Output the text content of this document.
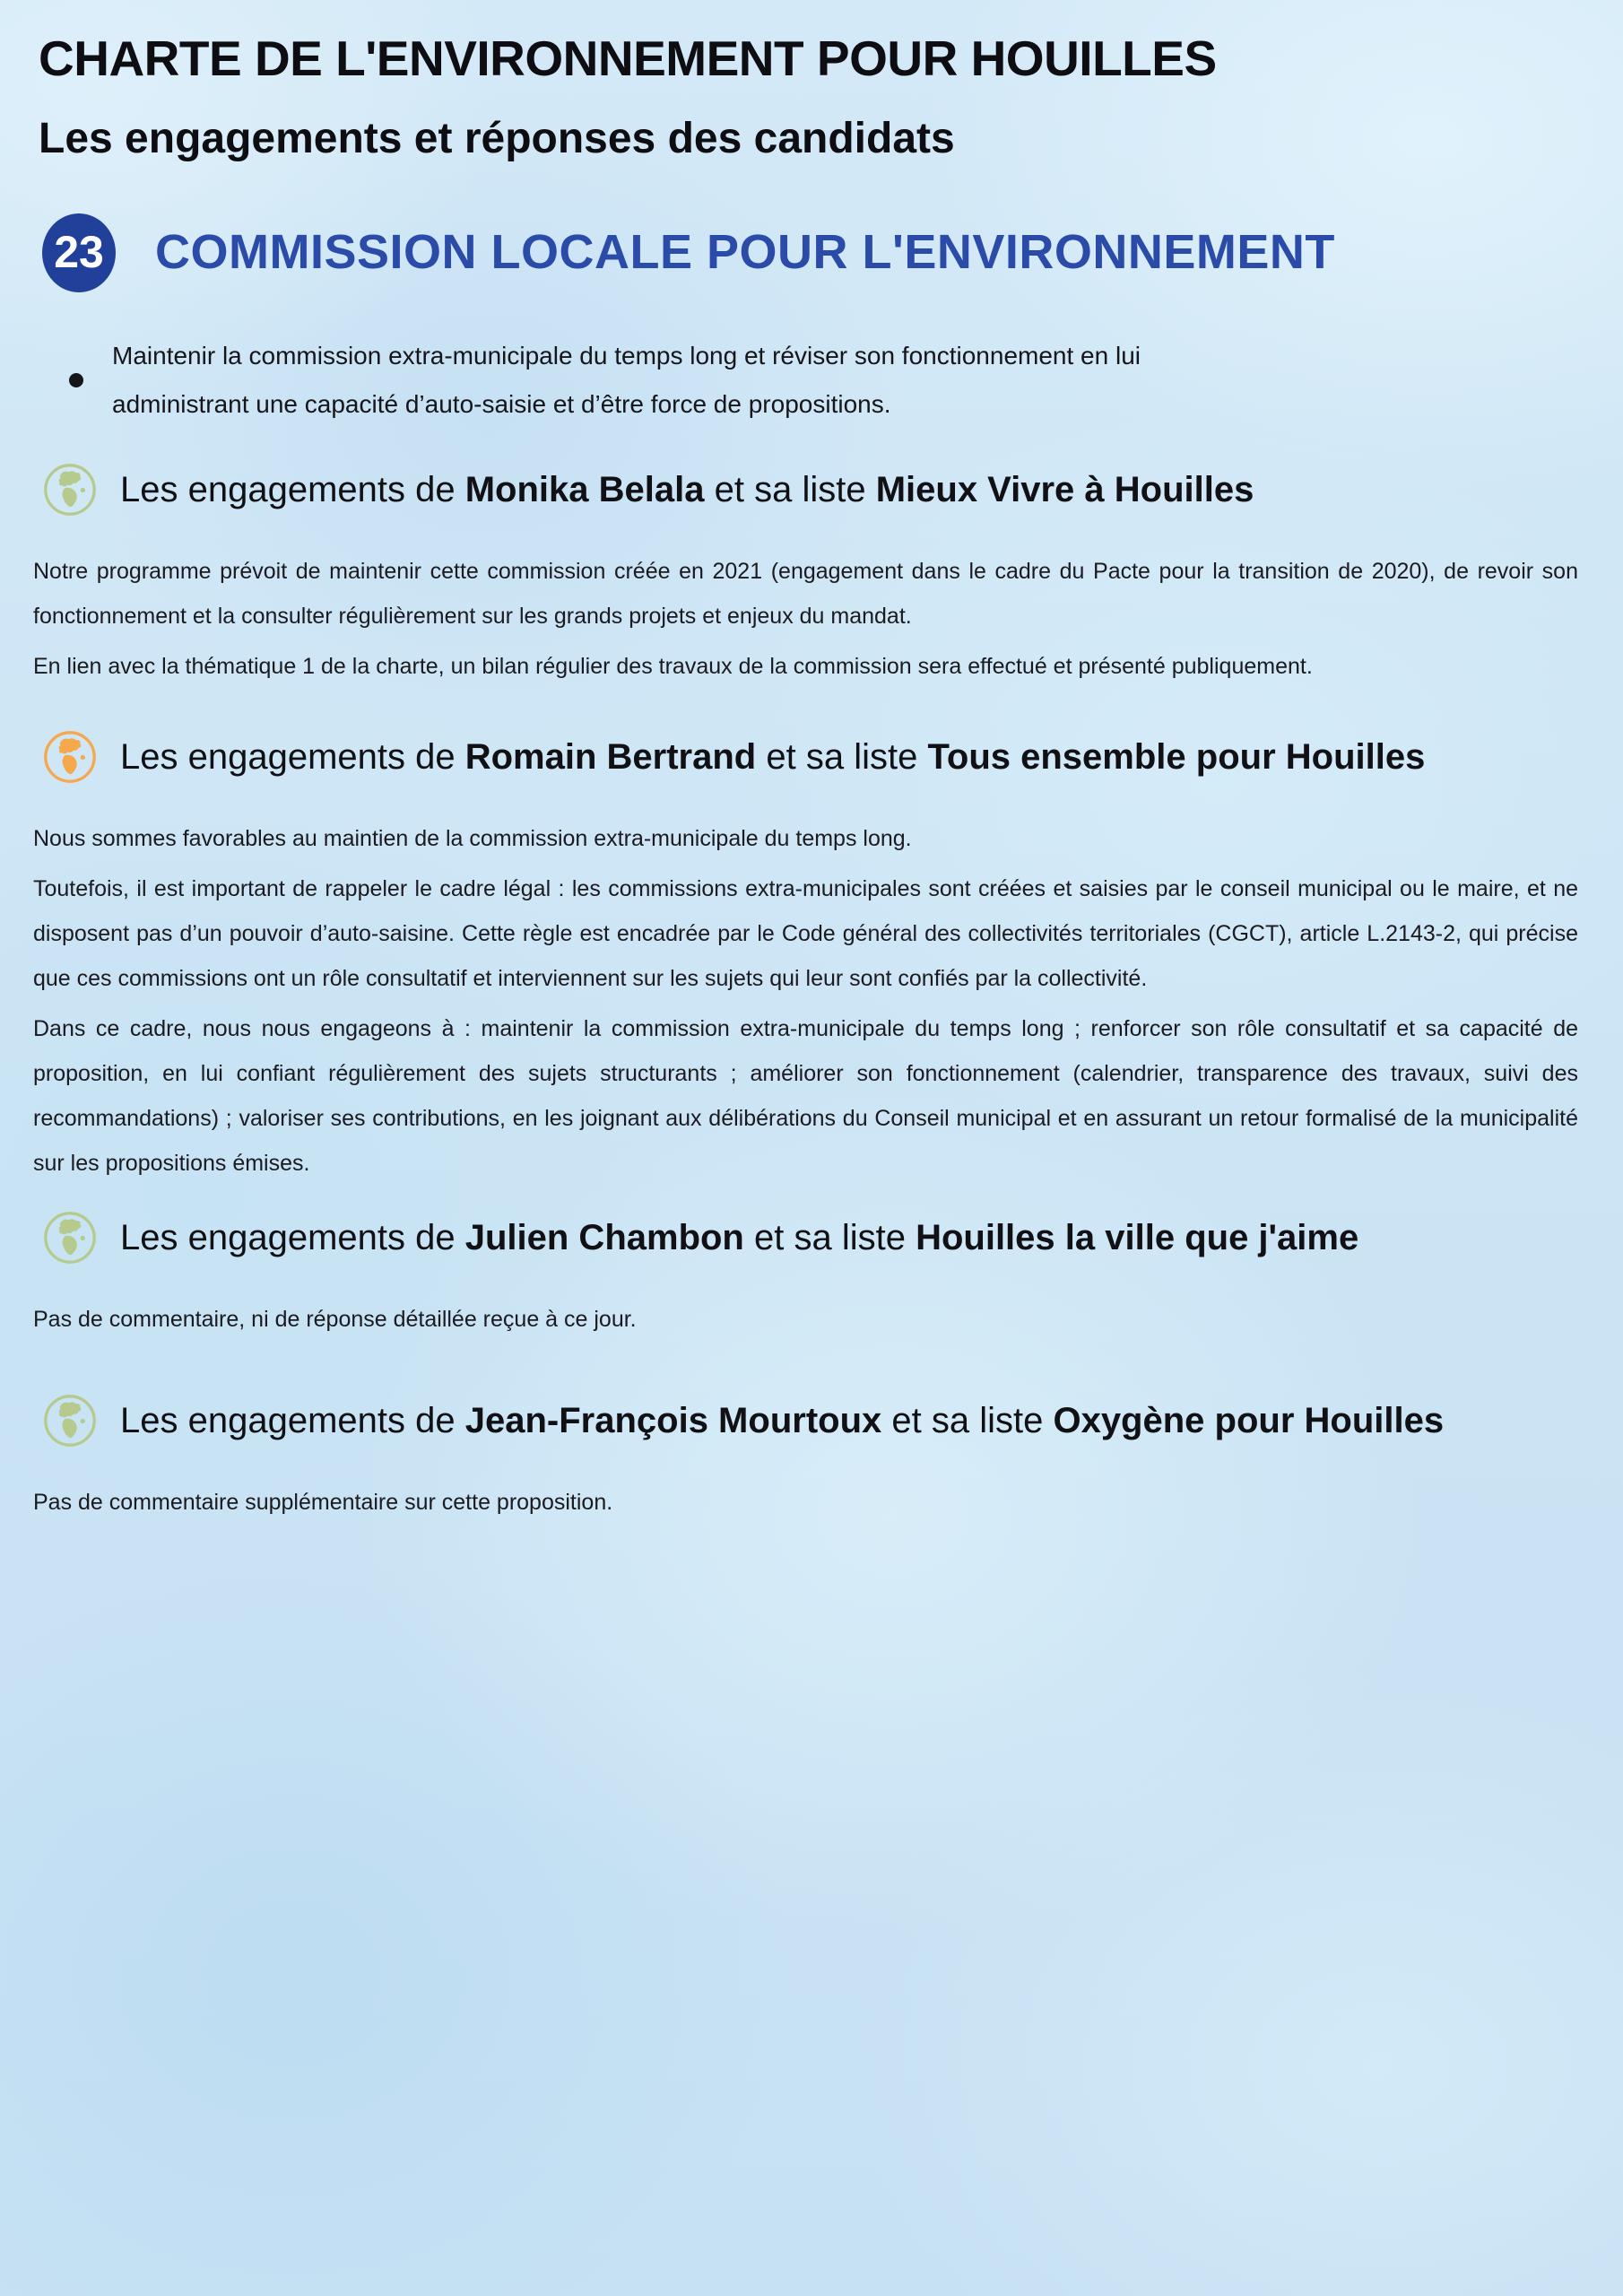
CHARTE DE L'ENVIRONNEMENT POUR HOUILLES
Les engagements et réponses des candidats
23 COMMISSION LOCALE POUR L'ENVIRONNEMENT
Maintenir la commission extra-municipale du temps long et réviser son fonctionnement en lui administrant une capacité d’auto-saisie et d’être force de propositions.
Les engagements de Monika Belala et sa liste Mieux Vivre à Houilles

Notre programme prévoit de maintenir cette commission créée en 2021 (engagement dans le cadre du Pacte pour la transition de 2020), de revoir son fonctionnement et la consulter régulièrement sur les grands projets et enjeux du mandat.

En lien avec la thématique 1 de la charte, un bilan régulier des travaux de la commission sera effectué et présenté publiquement.

Les engagements de Romain Bertrand et sa liste Tous ensemble pour Houilles

Nous sommes favorables au maintien de la commission extra-municipale du temps long.

Toutefois, il est important de rappeler le cadre légal : les commissions extra-municipales sont créées et saisies par le conseil municipal ou le maire, et ne disposent pas d’un pouvoir d’auto-saisine. Cette règle est encadrée par le Code général des collectivités territoriales (CGCT), article L.2143-2, qui précise que ces commissions ont un rôle consultatif et interviennent sur les sujets qui leur sont confiés par la collectivité.

Dans ce cadre, nous nous engageons à : maintenir la commission extra-municipale du temps long ; renforcer son rôle consultatif et sa capacité de proposition, en lui confiant régulièrement des sujets structurants ; améliorer son fonctionnement (calendrier, transparence des travaux, suivi des recommandations) ; valoriser ses contributions, en les joignant aux délibérations du Conseil municipal et en assurant un retour formalisé de la municipalité sur les propositions émises.

Les engagements de Julien Chambon et sa liste Houilles la ville que j'aime

Pas de commentaire, ni de réponse détaillée reçue à ce jour.

Les engagements de Jean-François Mourtoux et sa liste Oxygène pour Houilles

Pas de commentaire supplémentaire sur cette proposition.
